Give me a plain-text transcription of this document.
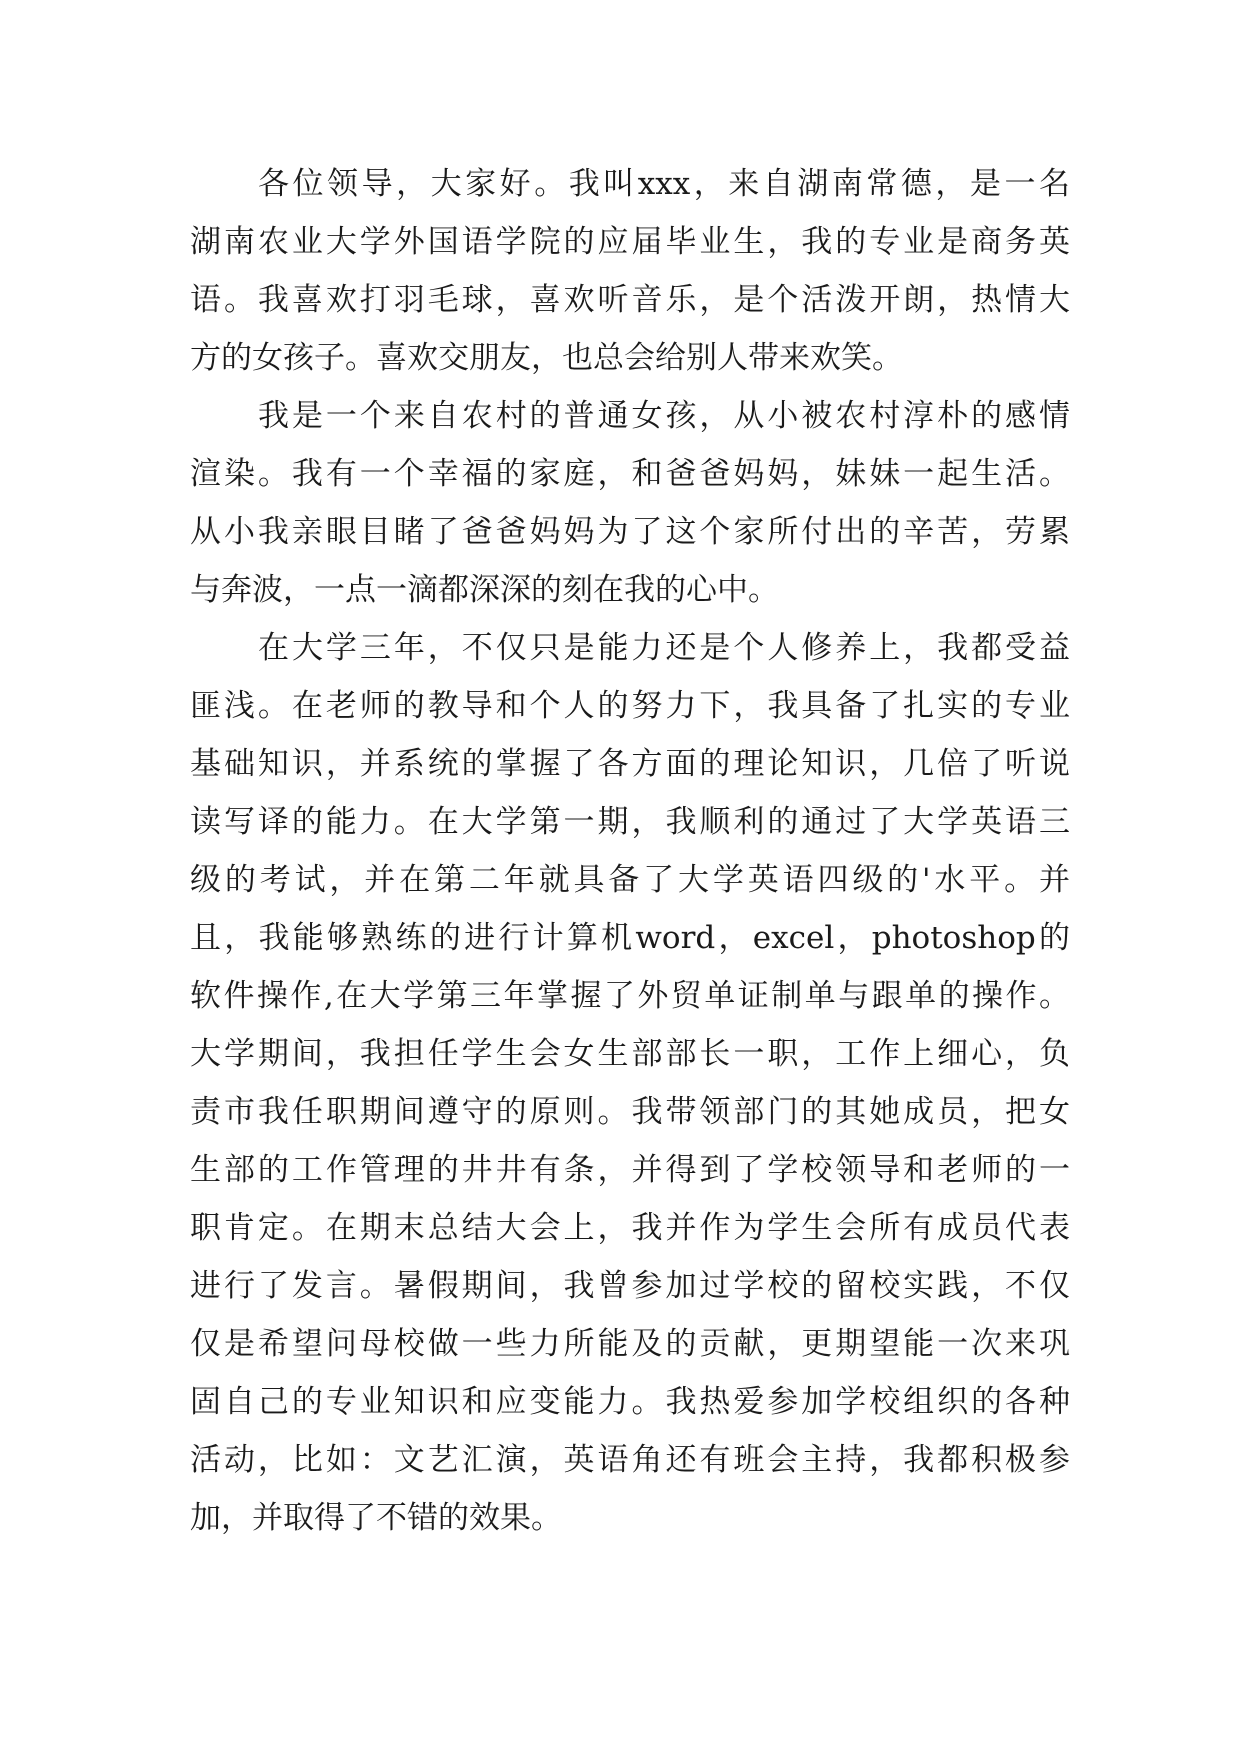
各位领导，大家好。我叫xxx，来自湖南常德，是一名
湖南农业大学外国语学院的应届毕业生，我的专业是商务英
语。我喜欢打羽毛球，喜欢听音乐，是个活泼开朗，热情大
方的女孩子。喜欢交朋友，也总会给别人带来欢笑。
我是一个来自农村的普通女孩，从小被农村淳朴的感情
渲染。我有一个幸福的家庭，和爸爸妈妈，妹妹一起生活。
从小我亲眼目睹了爸爸妈妈为了这个家所付出的辛苦，劳累
与奔波，一点一滴都深深的刻在我的心中。
在大学三年，不仅只是能力还是个人修养上，我都受益
匪浅。在老师的教导和个人的努力下，我具备了扎实的专业
基础知识，并系统的掌握了各方面的理论知识，几倍了听说
读写译的能力。在大学第一期，我顺利的通过了大学英语三
级的考试，并在第二年就具备了大学英语四级的'水平。并
且，我能够熟练的进行计算机word，excel，photoshop的
软件操作,在大学第三年掌握了外贸单证制单与跟单的操作。
大学期间，我担任学生会女生部部长一职，工作上细心，负
责市我任职期间遵守的原则。我带领部门的其她成员，把女
生部的工作管理的井井有条，并得到了学校领导和老师的一
职肯定。在期末总结大会上，我并作为学生会所有成员代表
进行了发言。暑假期间，我曾参加过学校的留校实践，不仅
仅是希望问母校做一些力所能及的贡献，更期望能一次来巩
固自己的专业知识和应变能力。我热爱参加学校组织的各种
活动，比如：文艺汇演，英语角还有班会主持，我都积极参
加，并取得了不错的效果。
